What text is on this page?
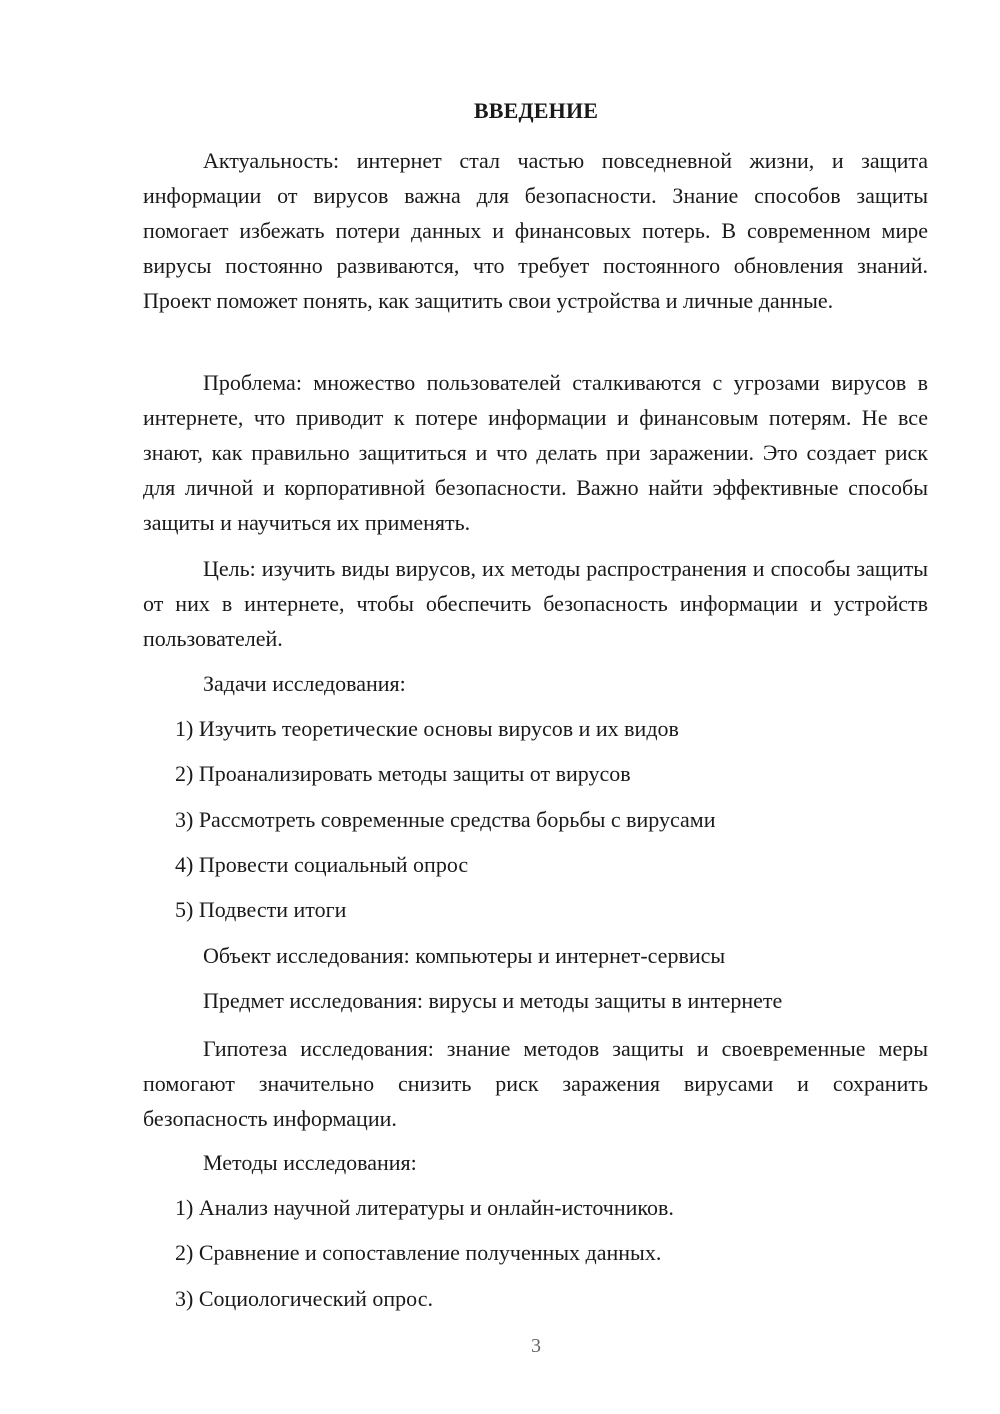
ВВЕДЕНИЕ

Актуальность: интернет стал частью повседневной жизни, и защита информации от вирусов важна для безопасности. Знание способов защиты помогает избежать потери данных и финансовых потерь. В современном мире вирусы постоянно развиваются, что требует постоянного обновления знаний. Проект поможет понять, как защитить свои устройства и личные данные.

Проблема: множество пользователей сталкиваются с угрозами вирусов в интернете, что приводит к потере информации и финансовым потерям. Не все знают, как правильно защититься и что делать при заражении. Это создает риск для личной и корпоративной безопасности. Важно найти эффективные способы защиты и научиться их применять.

Цель: изучить виды вирусов, их методы распространения и способы защиты от них в интернете, чтобы обеспечить безопасность информации и устройств пользователей.

Задачи исследования:

1) Изучить теоретические основы вирусов и их видов

2) Проанализировать методы защиты от вирусов

3) Рассмотреть современные средства борьбы с вирусами

4) Провести социальный опрос

5) Подвести итоги

Объект исследования: компьютеры и интернет-сервисы

Предмет исследования: вирусы и методы защиты в интернете

Гипотеза исследования: знание методов защиты и своевременные меры помогают значительно снизить риск заражения вирусами и сохранить безопасность информации.

Методы исследования:

1) Анализ научной литературы и онлайн-источников.

2) Сравнение и сопоставление полученных данных.

3) Социологический опрос.

3
